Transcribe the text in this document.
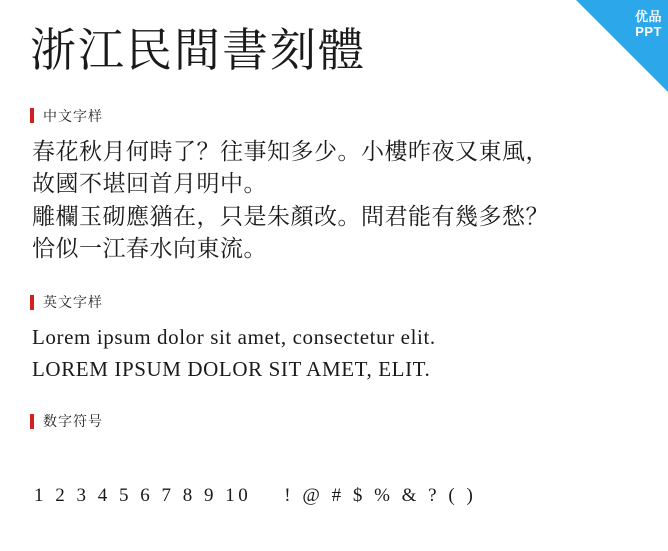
优品
PPT
浙江民間書刻體
中文字样
春花秋月何時了？往事知多少。小樓昨夜又東風，
故國不堪回首月明中。
雕欄玉砌應猶在，只是朱顏改。問君能有幾多愁？
恰似一江春水向東流。
英文字样
Lorem ipsum dolor sit amet, consectetur elit.
LOREM IPSUM DOLOR SIT AMET, ELIT.
数字符号

1 2 3 4 5 6 7 8 9 10    ! @ # $ % & ? ( )
